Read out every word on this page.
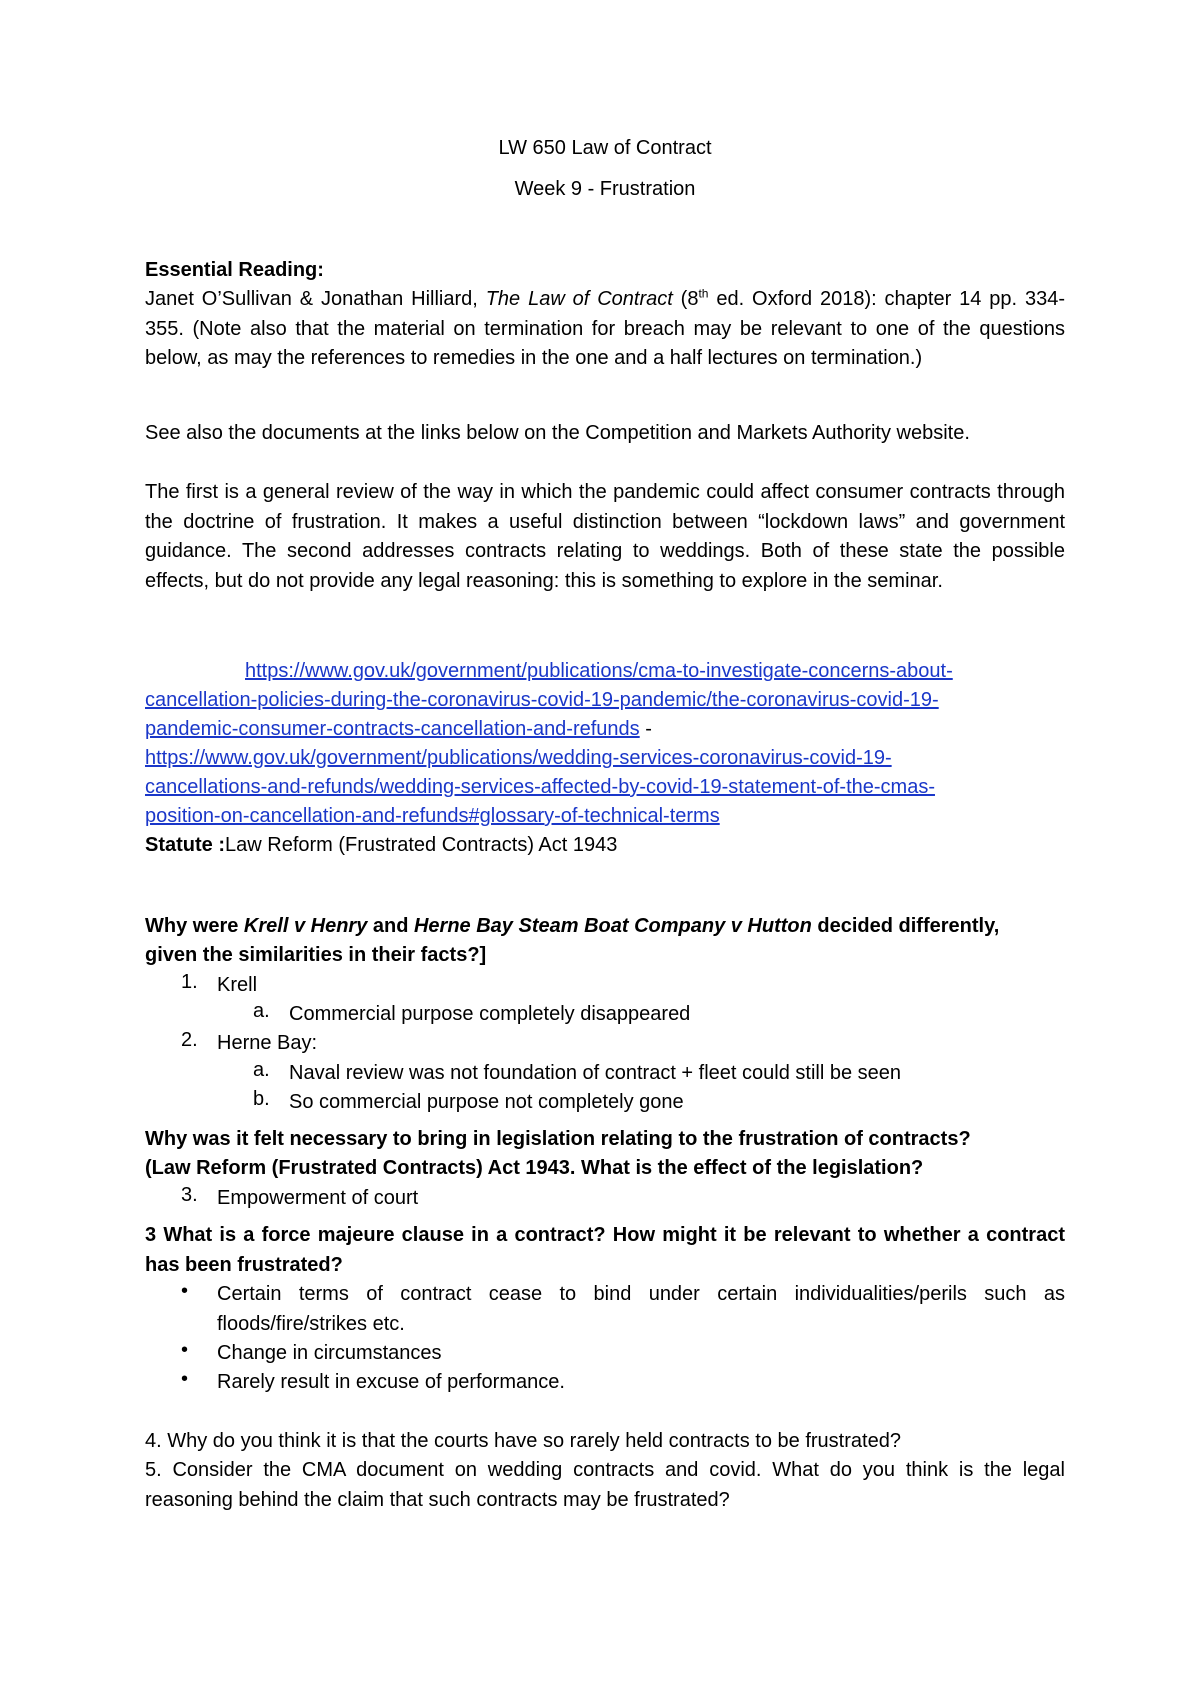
LW 650 Law of Contract
Week 9 - Frustration
Essential Reading:
Janet O’Sullivan & Jonathan Hilliard, The Law of Contract (8th ed. Oxford 2018): chapter 14 pp. 334-355. (Note also that the material on termination for breach may be relevant to one of the questions below, as may the references to remedies in the one and a half lectures on termination.)
See also the documents at the links below on the Competition and Markets Authority website.
The first is a general review of the way in which the pandemic could affect consumer contracts through the doctrine of frustration. It makes a useful distinction between “lockdown laws” and government guidance. The second addresses contracts relating to weddings. Both of these state the possible effects, but do not provide any legal reasoning: this is something to explore in the seminar.
https://www.gov.uk/government/publications/cma-to-investigate-concerns-about-
cancellation-policies-during-the-coronavirus-covid-19-pandemic/the-coronavirus-covid-19-
pandemic-consumer-contracts-cancellation-and-refunds -
https://www.gov.uk/government/publications/wedding-services-coronavirus-covid-19-
cancellations-and-refunds/wedding-services-affected-by-covid-19-statement-of-the-cmas-
position-on-cancellation-and-refunds#glossary-of-technical-terms
Statute :Law Reform (Frustrated Contracts) Act 1943
Why were Krell v Henry and Herne Bay Steam Boat Company v Hutton decided differently,
given the similarities in their facts?]
1. Krell
a. Commercial purpose completely disappeared
2. Herne Bay:
a. Naval review was not foundation of contract + fleet could still be seen
b. So commercial purpose not completely gone
Why was it felt necessary to bring in legislation relating to the frustration of contracts?
(Law Reform (Frustrated Contracts) Act 1943. What is the effect of the legislation?
3. Empowerment of court
3 What is a force majeure clause in a contract? How might it be relevant to whether a contract has been frustrated?
• Certain terms of contract cease to bind under certain individualities/perils such as floods/fire/strikes etc.
• Change in circumstances
• Rarely result in excuse of performance.
4. Why do you think it is that the courts have so rarely held contracts to be frustrated?
5. Consider the CMA document on wedding contracts and covid. What do you think is the legal reasoning behind the claim that such contracts may be frustrated?
